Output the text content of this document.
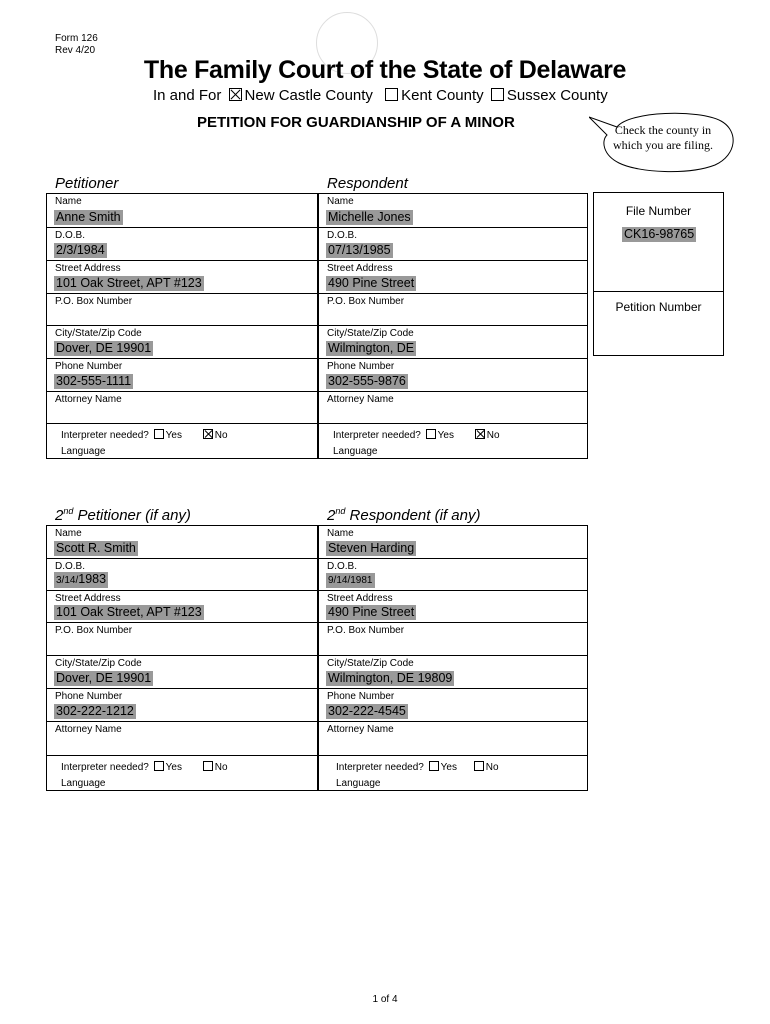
Form 126
Rev 4/20
The Family Court of the State of Delaware
In and For New Castle County Kent County Sussex County
PETITION FOR GUARDIANSHIP OF A MINOR	Check the county in which you are filing.
Petitioner	Respondent
Name
Anne Smith
D.O.B.
2/3/1984
Street Address
101 Oak Street, APT #123
P.O. Box Number
City/State/Zip Code
Dover, DE 19901
Phone Number
302-555-1111
Attorney Name
Interpreter needed? Yes	No
Language
Name
Michelle Jones
D.O.B.
07/13/1985
Street Address
490 Pine Street
P.O. Box Number
City/State/Zip Code
Wilmington, DE
Phone Number
302-555-9876
Attorney Name
Interpreter needed? Yes	No
Language
File Number
CK16-98765
Petition Number
2nd Petitioner (if any)	2nd Respondent (if any)
Name
Scott R. Smith
D.O.B.
3/14/1983
Street Address
101 Oak Street, APT #123
P.O. Box Number
City/State/Zip Code
Dover, DE 19901
Phone Number
302-222-1212
Attorney Name
Interpreter needed? Yes	No
Language
Name
Steven Harding
D.O.B.
9/14/1981
Street Address
490 Pine Street
P.O. Box Number
City/State/Zip Code
Wilmington, DE 19809
Phone Number
302-222-4545
Attorney Name
Interpreter needed? Yes	No
Language
1 of 4
